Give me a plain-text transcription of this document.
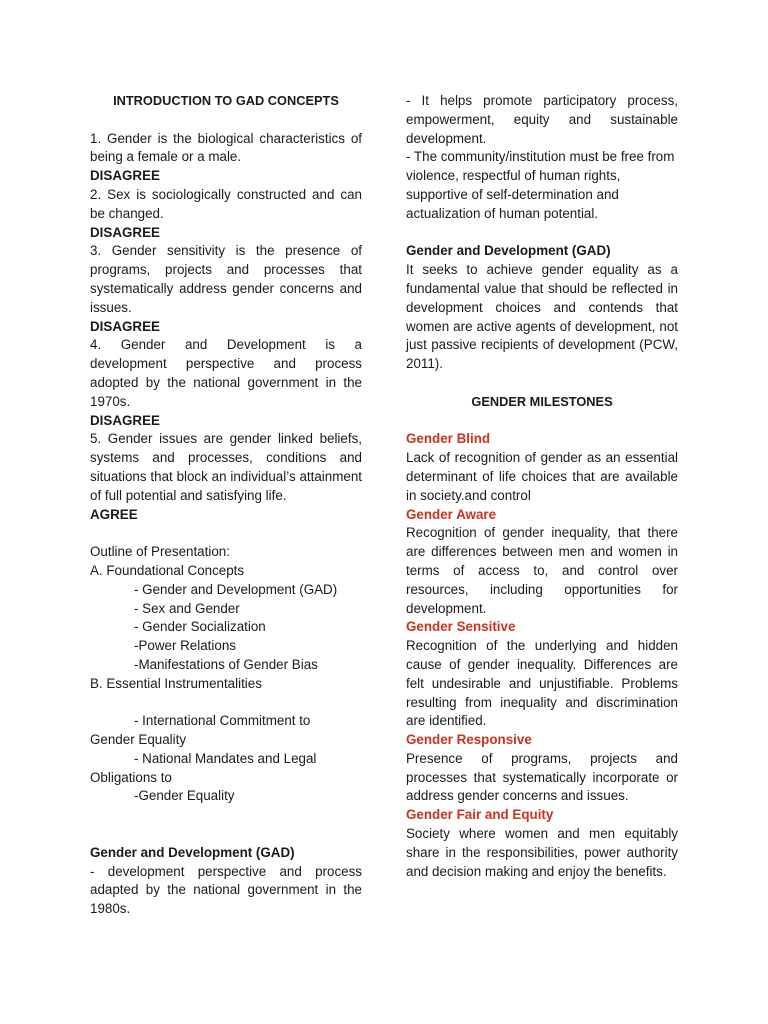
INTRODUCTION TO GAD CONCEPTS
1. Gender is the biological characteristics of being a female or a male.
DISAGREE
2. Sex is sociologically constructed and can be changed.
DISAGREE
3. Gender sensitivity is the presence of programs, projects and processes that systematically address gender concerns and issues.
DISAGREE
4. Gender and Development is a development perspective and process adopted by the national government in the 1970s.
DISAGREE
5. Gender issues are gender linked beliefs, systems and processes, conditions and situations that block an individual’s attainment of full potential and satisfying life.
AGREE
Outline of Presentation:
A. Foundational Concepts
- Gender and Development (GAD)
- Sex and Gender
- Gender Socialization
-Power Relations
-Manifestations of Gender Bias
B. Essential Instrumentalities
- International Commitment to
Gender Equality
- National Mandates and Legal
Obligations to
-Gender Equality
Gender and Development (GAD)
- development perspective and process adapted by the national government in the 1980s.
- It helps promote participatory process, empowerment, equity and sustainable development.
- The community/institution must be free from violence, respectful of human rights, supportive of self-determination and actualization of human potential.
Gender and Development (GAD)
It seeks to achieve gender equality as a fundamental value that should be reflected in development choices and contends that women are active agents of development, not just passive recipients of development (PCW, 2011).
GENDER MILESTONES
Gender Blind
Lack of recognition of gender as an essential determinant of life choices that are available in society.and control
Gender Aware
Recognition of gender inequality, that there are differences between men and women in terms of access to, and control over resources, including opportunities for development.
Gender Sensitive
Recognition of the underlying and hidden cause of gender inequality. Differences are felt undesirable and unjustifiable. Problems resulting from inequality and discrimination are identified.
Gender Responsive
Presence of programs, projects and processes that systematically incorporate or address gender concerns and issues.
Gender Fair and Equity
Society where women and men equitably share in the responsibilities, power authority and decision making and enjoy the benefits.
